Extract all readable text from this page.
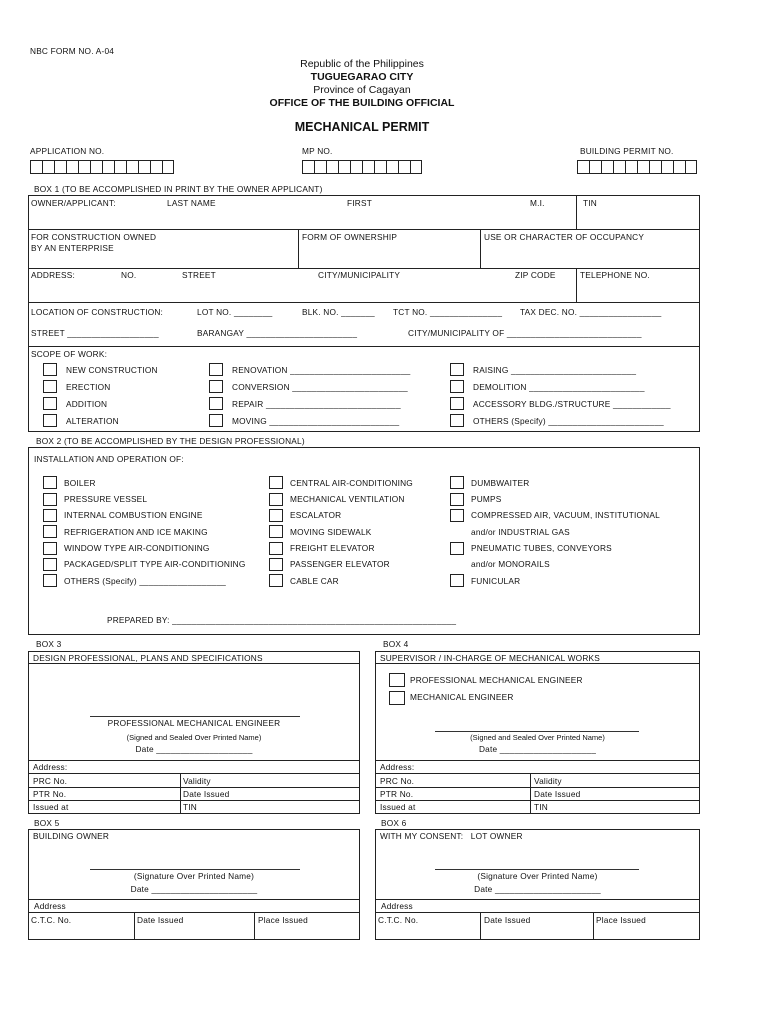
NBC FORM NO. A-04
Republic of the Philippines
TUGUEGARAO CITY
Province of Cagayan
OFFICE OF THE BUILDING OFFICIAL
MECHANICAL PERMIT
APPLICATION NO.	MP NO.	BUILDING PERMIT NO.
BOX 1 (TO BE ACCOMPLISHED IN PRINT BY THE OWNER APPLICANT)
OWNER/APPLICANT:	LAST NAME	FIRST	M.I.	TIN
FOR CONSTRUCTION OWNED
BY AN ENTERPRISE
FORM OF OWNERSHIP	USE OR CHARACTER OF OCCUPANCY
ADDRESS:	NO.	STREET	CITY/MUNICIPALITY	ZIP CODE	TELEPHONE NO.
LOCATION OF CONSTRUCTION:	LOT NO. ________	BLK. NO. _______ TCT NO. _______________ TAX DEC. NO. _________________
STREET ___________________	BARANGAY _______________________	CITY/MUNICIPALITY OF ____________________________
SCOPE OF WORK:
NEW CONSTRUCTION
ERECTION
ADDITION
ALTERATION
RENOVATION _________________________
CONVERSION ________________________
REPAIR ____________________________
MOVING ___________________________
RAISING __________________________
DEMOLITION ________________________
ACCESSORY BLDG./STRUCTURE ____________
OTHERS (Specify) ________________________
BOX 2 (TO BE ACCOMPLISHED BY THE DESIGN PROFESSIONAL)
INSTALLATION AND OPERATION OF:
BOILER
PRESSURE VESSEL
INTERNAL COMBUSTION ENGINE
REFRIGERATION AND ICE MAKING
WINDOW TYPE AIR-CONDITIONING
PACKAGED/SPLIT TYPE AIR-CONDITIONING
OTHERS (Specify) __________________
CENTRAL AIR-CONDITIONING
MECHANICAL VENTILATION
ESCALATOR
MOVING SIDEWALK
FREIGHT ELEVATOR
PASSENGER ELEVATOR
CABLE CAR
DUMBWAITER
PUMPS
COMPRESSED AIR, VACUUM, INSTITUTIONAL
and/or INDUSTRIAL GAS
PNEUMATIC TUBES, CONVEYORS
and/or MONORAILS
FUNICULAR
PREPARED BY: ___________________________________________________________
BOX 3
DESIGN PROFESSIONAL, PLANS AND SPECIFICATIONS
PROFESSIONAL MECHANICAL ENGINEER
(Signed and Sealed Over Printed Name)
Date ____________________
Address:
PRC No.	Validity
PTR No.	Date Issued
Issued at	TIN
BOX 4
SUPERVISOR / IN-CHARGE OF MECHANICAL WORKS
PROFESSIONAL MECHANICAL ENGINEER
MECHANICAL ENGINEER
(Signed and Sealed Over Printed Name)
Date ____________________
Address:
PRC No.	Validity
PTR No.	Date Issued
Issued at	TIN
BOX 5
BUILDING OWNER
(Signature Over Printed Name)
Date ______________________
Address
C.T.C. No.	Date Issued	Place Issued
BOX 6
WITH MY CONSENT:   LOT OWNER
(Signature Over Printed Name)
Date ______________________
Address
C.T.C. No.	Date Issued	Place Issued
